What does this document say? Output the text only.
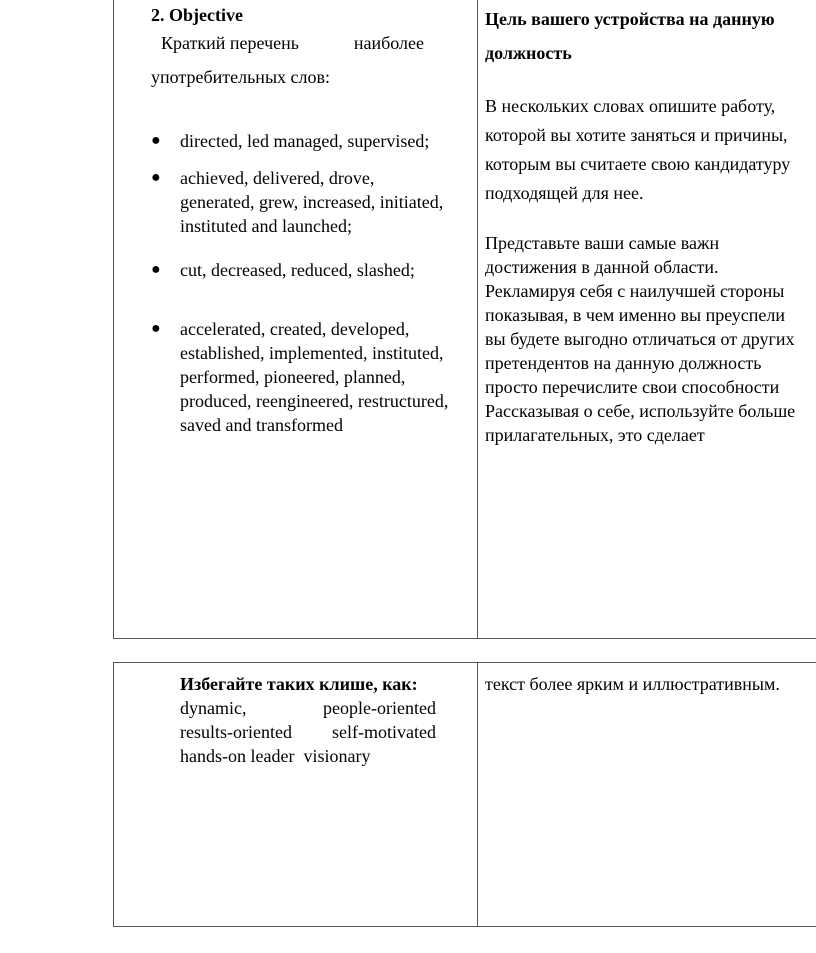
2. Objective

Краткий перечень	наиболее
употребительных слов:
● directed, led managed, supervised;
● achieved, delivered, drove, generated, grew, increased, initiated, instituted and launched;
● cut, decreased, reduced, slashed;
● accelerated, created, developed, established, implemented, instituted, performed, pioneered, planned, produced, reengineered, restructured, saved and transformed

Цель вашего устройства на данную должность

В нескольких словах опишите работу, которой вы хотите заняться и причины, которым вы считаете свою кандидатуру подходящей для нее.

Представьте ваши самые важн
достижения в данной области.
Рекламируя себя с наилучшей стороны
показывая, в чем именно вы преуспели
вы будете выгодно отличаться от других
претендентов на данную должность
просто перечислите свои способности
Рассказывая о себе, используйте больше
прилагательных, это сделает
Избегайте таких клише, как:
dynamic,	people-oriented
results-oriented self-motivated
hands-on leader  visionary
текст более ярким и иллюстративным.
